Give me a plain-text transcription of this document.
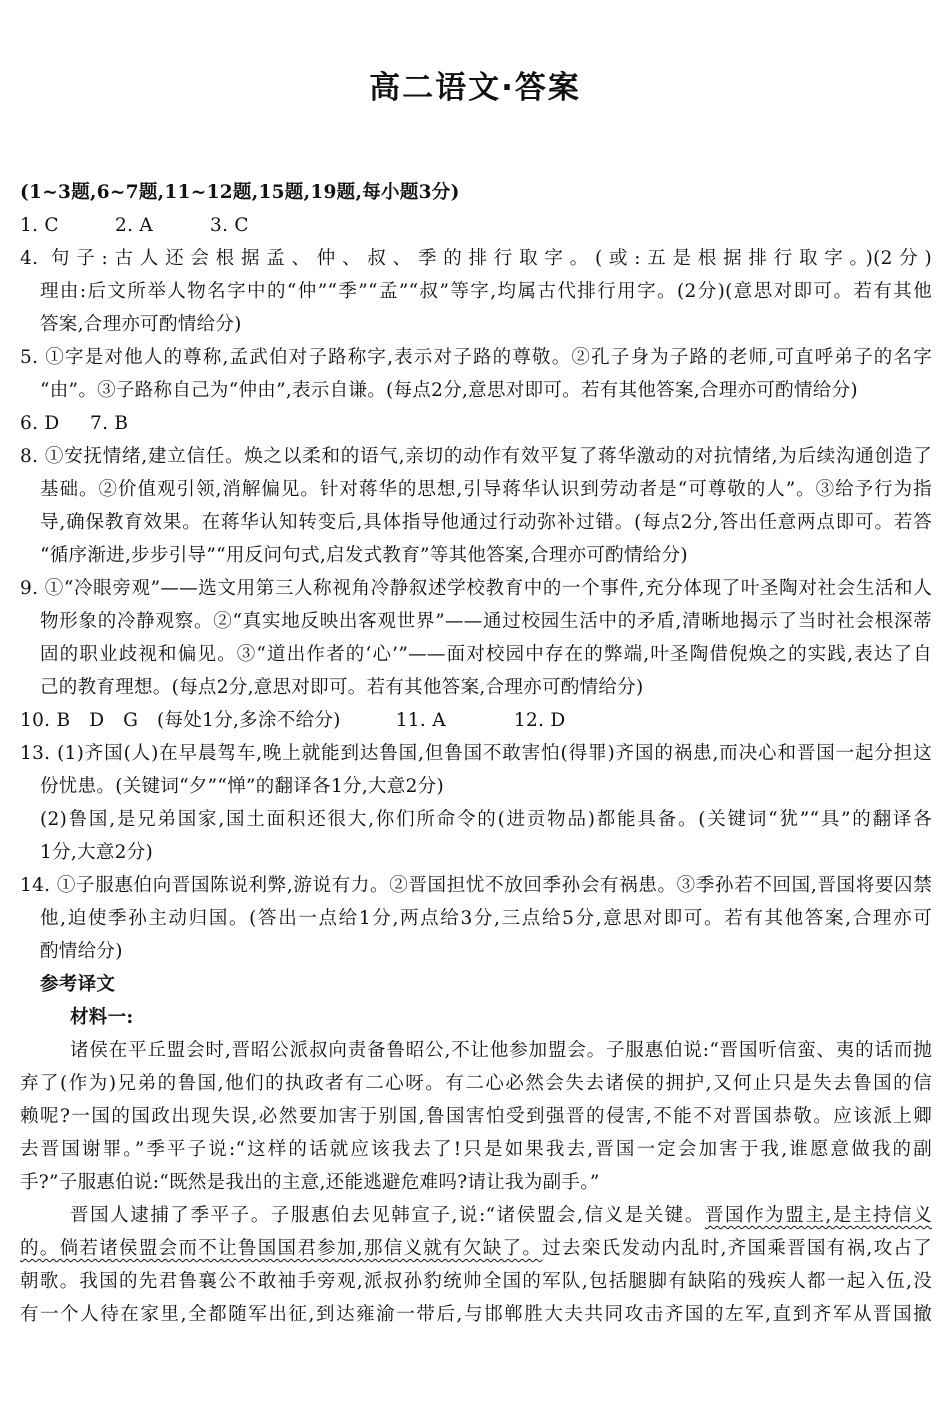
高二语文·答案
(1~3题,6~7题,11~12题,15题,19题,每小题3分)
1. C	2. A	3. C
4. 句子:古人还会根据孟、仲、叔、季的排行取字。(或:五是根据排行取字。)(2分)
理由:后文所举人物名字中的“仲”“季”“孟”“叔”等字,均属古代排行用字。(2分)(意思对即可。若有其他
答案,合理亦可酌情给分)
5. ①字是对他人的尊称,孟武伯对子路称字,表示对子路的尊敬。②孔子身为子路的老师,可直呼弟子的名字
“由”。③子路称自己为“仲由”,表示自谦。(每点2分,意思对即可。若有其他答案,合理亦可酌情给分)
6. D 7. B
8. ①安抚情绪,建立信任。焕之以柔和的语气,亲切的动作有效平复了蒋华激动的对抗情绪,为后续沟通创造了
基础。②价值观引领,消解偏见。针对蒋华的思想,引导蒋华认识到劳动者是“可尊敬的人”。③给予行为指
导,确保教育效果。在蒋华认知转变后,具体指导他通过行动弥补过错。(每点2分,答出任意两点即可。若答
“循序渐进,步步引导”“用反问句式,启发式教育”等其他答案,合理亦可酌情给分)
9. ①“冷眼旁观”——选文用第三人称视角冷静叙述学校教育中的一个事件,充分体现了叶圣陶对社会生活和人
物形象的冷静观察。②“真实地反映出客观世界”——通过校园生活中的矛盾,清晰地揭示了当时社会根深蒂
固的职业歧视和偏见。③“道出作者的‘心’”——面对校园中存在的弊端,叶圣陶借倪焕之的实践,表达了自
己的教育理想。(每点2分,意思对即可。若有其他答案,合理亦可酌情给分)
10. B　D　G　(每处1分,多涂不给分)	11. A	12. D
13. (1)齐国(人)在早晨驾车,晚上就能到达鲁国,但鲁国不敢害怕(得罪)齐国的祸患,而决心和晋国一起分担这
份忧患。(关键词“夕”“惮”的翻译各1分,大意2分)
(2)鲁国,是兄弟国家,国土面积还很大,你们所命令的(进贡物品)都能具备。(关键词“犹”“具”的翻译各
1分,大意2分)
14. ①子服惠伯向晋国陈说利弊,游说有力。②晋国担忧不放回季孙会有祸患。③季孙若不回国,晋国将要囚禁
他,迫使季孙主动归国。(答出一点给1分,两点给3分,三点给5分,意思对即可。若有其他答案,合理亦可
酌情给分)
参考译文
材料一:
诸侯在平丘盟会时,晋昭公派叔向责备鲁昭公,不让他参加盟会。子服惠伯说:“晋国听信蛮、夷的话而抛
弃了(作为)兄弟的鲁国,他们的执政者有二心呀。有二心必然会失去诸侯的拥护,又何止只是失去鲁国的信
赖呢?一国的国政出现失误,必然要加害于别国,鲁国害怕受到强晋的侵害,不能不对晋国恭敬。应该派上卿
去晋国谢罪。”季平子说:“这样的话就应该我去了!只是如果我去,晋国一定会加害于我,谁愿意做我的副
手?”子服惠伯说:“既然是我出的主意,还能逃避危难吗?请让我为副手。”
晋国人逮捕了季平子。子服惠伯去见韩宣子,说:“诸侯盟会,信义是关键。晋国作为盟主,是主持信义
的。倘若诸侯盟会而不让鲁国国君参加,那信义就有欠缺了。过去栾氏发动内乱时,齐国乘晋国有祸,攻占了
朝歌。我国的先君鲁襄公不敢袖手旁观,派叔孙豹统帅全国的军队,包括腿脚有缺陷的残疾人都一起入伍,没
有一个人待在家里,全都随军出征,到达雍渝一带后,与邯郸胜大夫共同攻击齐国的左军,直到齐军从晋国撤
